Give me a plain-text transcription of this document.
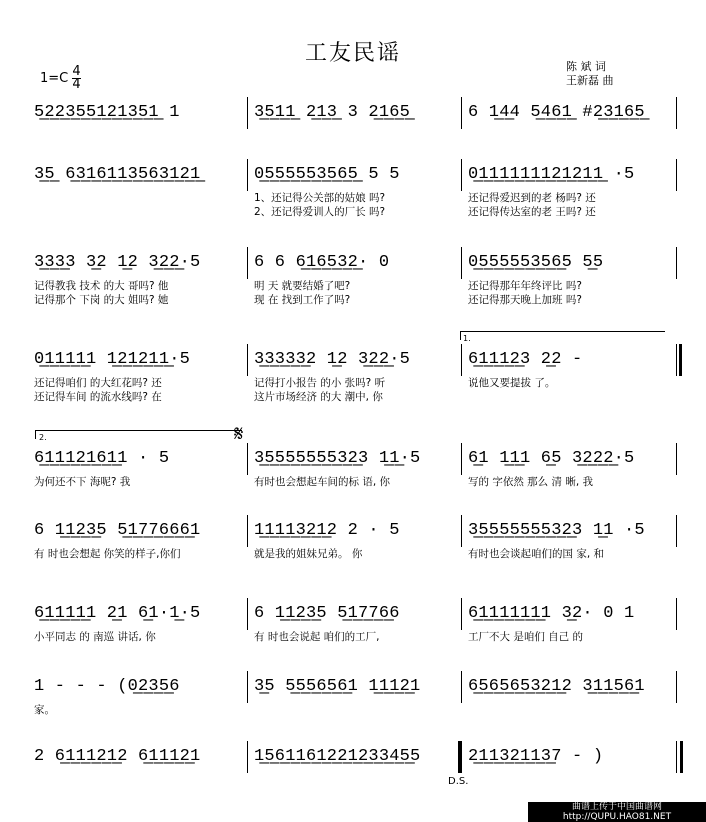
工友民谣
$1=C \frac{4}{4}$	陈 斌 词
王新磊 曲
5̲2̲2̲3̲5̲5̲1̲2̲1̲3̲5̲1̲ 1	3̲5̲1̲1̲ 2̲1̲3̲ 3 2̲1̲6̲5̲	6 1̲4̲4 5̲4̲6̲1̲ #2̲3̲1̲6̲5̲
3̲5̲ 6̲3̲1̲6̲1̲1̲3̲5̲6̲3̲1̲2̲1̲	0̲5̲5̲5̲5̲5̲3̲5̲6̲5̲ 5 5
1、还记得公关部的姑娘 吗?
2、还记得爱训人的厂长 吗?
0̲1̲1̲1̲1̲1̲1̲1̲2̲1̲2̲1̲1̲ ·5
还记得爱迟到的老 杨吗? 还
还记得传达室的老 王吗? 还
3̲3̲3̲3 3̲2 1̲2 3̲2̲2̲·5
记得教我 技术 的大 哥吗? 他
记得那个 下岗 的大 姐吗? 她
6 6 6̲1̲6̲5̲3̲2̲· 0
明 天 就要结婚了吧?
现 在 找到工作了吗?
0̲5̲5̲5̲5̲5̲3̲5̲6̲5 5̲5
还记得那年年终评比 吗?
还记得那天晚上加班 吗?
0̲1̲1̲1̲1̲1 1̲2̲1̲2̲1̲1̲·5
还记得咱们 的大红花吗? 还
还记得车间 的流水线吗? 在
3̲3̲3̲3̲3̲2 1̲2 3̲2̲2̲·5
记得打小报告 的小 张吗? 听
这片市场经济 的大 潮中, 你
6̲1̲1̲1̲2̲3 2̲2 -
说他又要提拔 了。
6̲1̲1̲1̲2̲1̲6̲1̲1 · 5
为何还不下 海呢? 我
3̲5̲5̲5̲5̲5̲5̲5̲3̲2̲3 1̲1̲·5
有时也会想起车间的标 语, 你
6̲1 1̲1̲1 6̲5 3̲2̲2̲2̲·5
写的 字依然 那么 清 晰, 我
6 1̲1̲2̲3̲5 5̲1̲7̲7̲6̲6̲6̲1
有 时也会想起 你笑的样子,你们
1̲1̲1̲1̲3̲2̲1̲2 2 · 5
就是我的姐妹兄弟。 你
3̲5̲5̲5̲5̲5̲5̲5̲3̲2̲3 1̲1 ·5
有时也会谈起咱们的国 家, 和
6̲1̲1̲1̲1̲1 2̲1 6̲1·1̲·5
小平同志 的 南巡 讲话, 你
6 1̲1̲2̲3̲5 5̲1̲7̲7̲6̲6
有 时也会说起 咱们的工厂,
6̲1̲1̲1̲1̲1̲1̲1 3̲2· 0 1
工厂不大 是咱们 自己 的
1 - - - (0̲2̲3̲5̲6
家。
3̲5 5̲5̲5̲6̲5̲6̲1 1̲1̲1̲2̲1	6̲5̲6̲5̲6̲5̲3̲2̲1̲2 3̲1̲1̲5̲6̲1
2 6̲1̲1̲1̲2̲1̲2 6̲1̲1̲1̲2̲1	1̲5̲6̲1̲1̲6̲1̲2̲2̲1̲2̲3̲3̲4̲5̲5	2̲1̲1̲3̲2̲1̲1̲3̲7 - )
1.
2.	𝄋
D.S.
曲谱上传于中国曲谱网
http://QUPU.HAO81.NET
